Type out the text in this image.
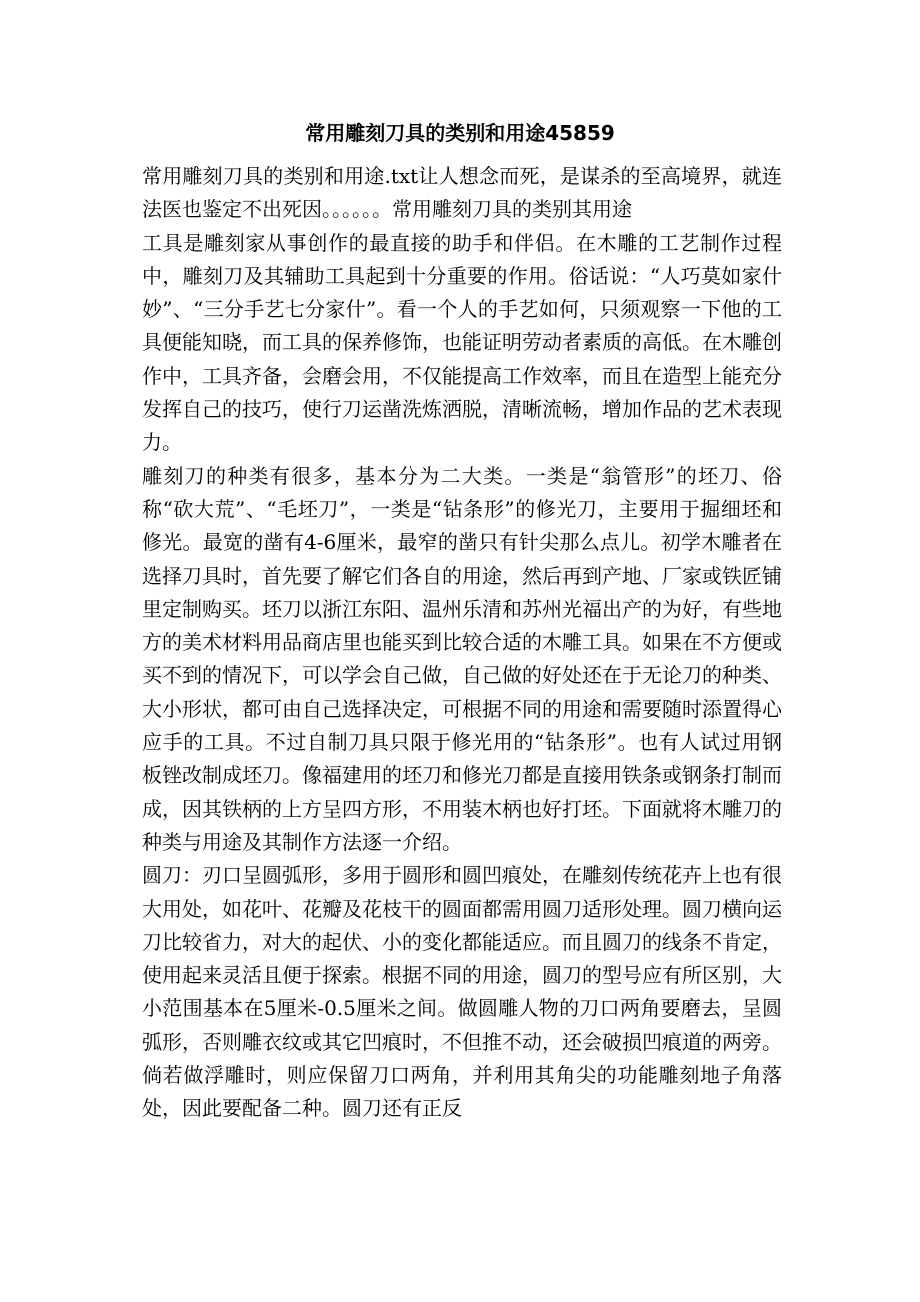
常用雕刻刀具的类别和用途45859

常用雕刻刀具的类别和用途.txt让人想念而死，是谋杀的至高境界，就连法医也鉴定不出死因。。。。。。常用雕刻刀具的类别其用途

工具是雕刻家从事创作的最直接的助手和伴侣。在木雕的工艺制作过程中，雕刻刀及其辅助工具起到十分重要的作用。俗话说：“人巧莫如家什妙”、“三分手艺七分家什”。看一个人的手艺如何，只须观察一下他的工具便能知晓，而工具的保养修饰，也能证明劳动者素质的高低。在木雕创作中，工具齐备，会磨会用，不仅能提高工作效率，而且在造型上能充分发挥自己的技巧，使行刀运凿洗炼洒脱，清晰流畅，增加作品的艺术表现力。

雕刻刀的种类有很多，基本分为二大类。一类是“翁管形”的坯刀、俗称“砍大荒”、“毛坯刀”，一类是“钻条形”的修光刀，主要用于掘细坯和修光。最宽的凿有4-6厘米，最窄的凿只有针尖那么点儿。初学木雕者在选择刀具时，首先要了解它们各自的用途，然后再到产地、厂家或铁匠铺里定制购买。坯刀以浙江东阳、温州乐清和苏州光福出产的为好，有些地方的美术材料用品商店里也能买到比较合适的木雕工具。如果在不方便或买不到的情况下，可以学会自己做，自己做的好处还在于无论刀的种类、大小形状，都可由自己选择决定，可根据不同的用途和需要随时添置得心应手的工具。不过自制刀具只限于修光用的“钻条形”。也有人试过用钢板锉改制成坯刀。像福建用的坯刀和修光刀都是直接用铁条或钢条打制而成，因其铁柄的上方呈四方形，不用装木柄也好打坯。下面就将木雕刀的种类与用途及其制作方法逐一介绍。

圆刀：刃口呈圆弧形，多用于圆形和圆凹痕处，在雕刻传统花卉上也有很大用处，如花叶、花瓣及花枝干的圆面都需用圆刀适形处理。圆刀横向运刀比较省力，对大的起伏、小的变化都能适应。而且圆刀的线条不肯定，使用起来灵活且便于探索。根据不同的用途，圆刀的型号应有所区别，大小范围基本在5厘米-0.5厘米之间。做圆雕人物的刀口两角要磨去，呈圆弧形，否则雕衣纹或其它凹痕时，不但推不动，还会破损凹痕道的两旁。倘若做浮雕时，则应保留刀口两角，并利用其角尖的功能雕刻地子角落处，因此要配备二种。圆刀还有正反
